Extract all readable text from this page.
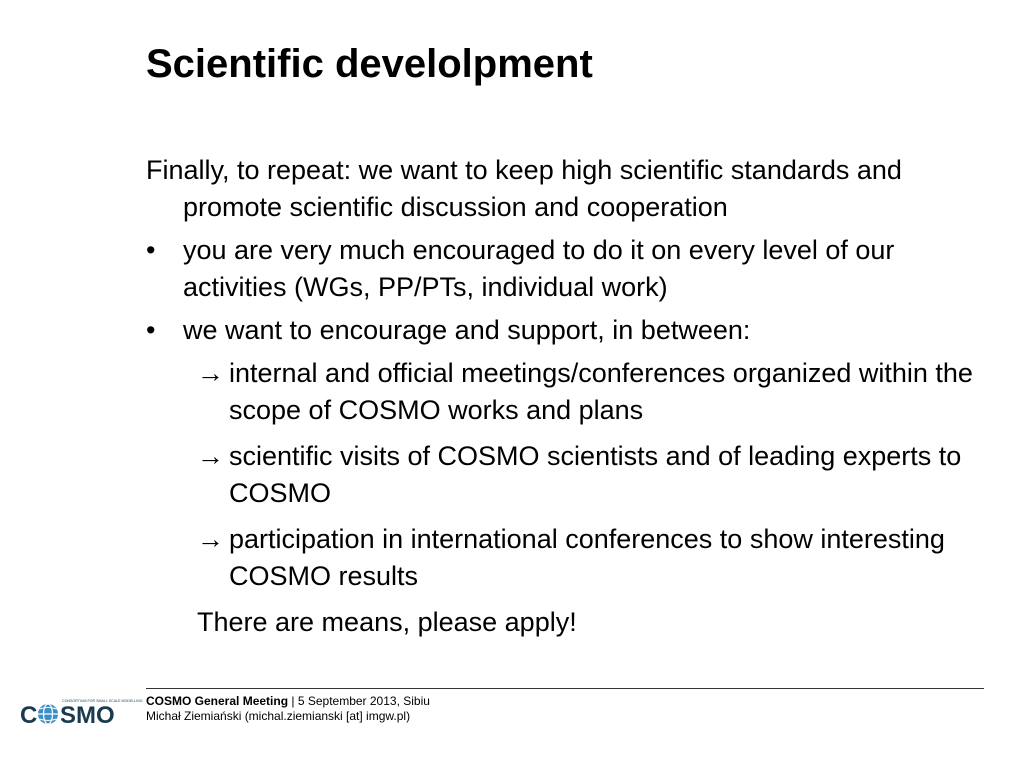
Scientific develolpment

Finally, to repeat: we want to keep high scientific standards and promote scientific discussion and cooperation

• you are very much encouraged to do it on every level of our activities (WGs, PP/PTs, individual work)
• we want to encourage and support, in between:
→ internal and official meetings/conferences organized within the scope of COSMO works and plans
→ scientific visits of COSMO scientists and of leading experts to COSMO
→ participation in international conferences to show interesting COSMO results

There are means, please apply!

C SMO
CONSORTIUM FOR SMALL SCALE MODELLING COSMO General Meeting | 5 September 2013, Sibiu
Michał Ziemiański (michal.ziemianski [at] imgw.pl)
